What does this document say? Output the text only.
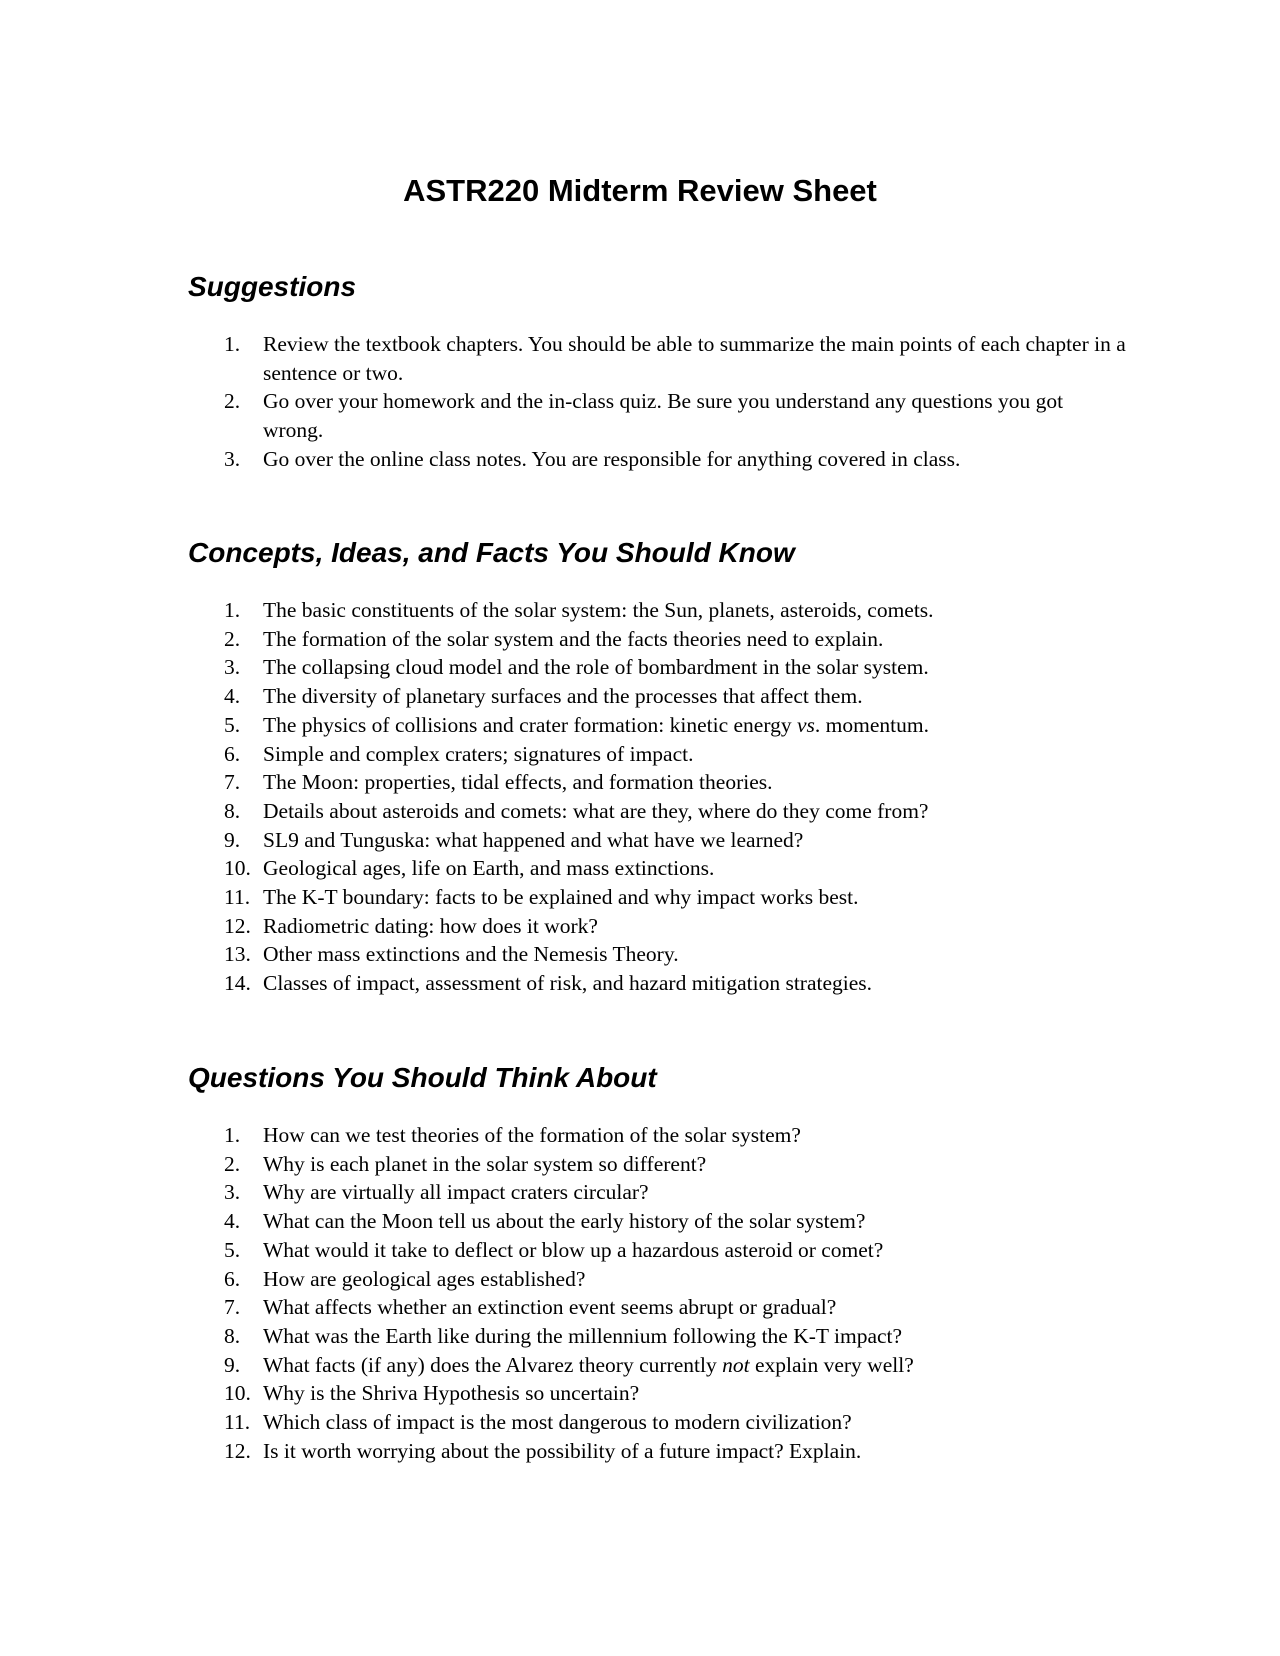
ASTR220 Midterm Review Sheet
Suggestions
1. Review the textbook chapters. You should be able to summarize the main points of each chapter in a sentence or two.
2. Go over your homework and the in-class quiz. Be sure you understand any questions you got wrong.
3. Go over the online class notes. You are responsible for anything covered in class.
Concepts, Ideas, and Facts You Should Know
1. The basic constituents of the solar system: the Sun, planets, asteroids, comets.
2. The formation of the solar system and the facts theories need to explain.
3. The collapsing cloud model and the role of bombardment in the solar system.
4. The diversity of planetary surfaces and the processes that affect them.
5. The physics of collisions and crater formation: kinetic energy vs. momentum.
6. Simple and complex craters; signatures of impact.
7. The Moon: properties, tidal effects, and formation theories.
8. Details about asteroids and comets: what are they, where do they come from?
9. SL9 and Tunguska: what happened and what have we learned?
10. Geological ages, life on Earth, and mass extinctions.
11. The K-T boundary: facts to be explained and why impact works best.
12. Radiometric dating: how does it work?
13. Other mass extinctions and the Nemesis Theory.
14. Classes of impact, assessment of risk, and hazard mitigation strategies.
Questions You Should Think About
1. How can we test theories of the formation of the solar system?
2. Why is each planet in the solar system so different?
3. Why are virtually all impact craters circular?
4. What can the Moon tell us about the early history of the solar system?
5. What would it take to deflect or blow up a hazardous asteroid or comet?
6. How are geological ages established?
7. What affects whether an extinction event seems abrupt or gradual?
8. What was the Earth like during the millennium following the K-T impact?
9. What facts (if any) does the Alvarez theory currently not explain very well?
10. Why is the Shriva Hypothesis so uncertain?
11. Which class of impact is the most dangerous to modern civilization?
12. Is it worth worrying about the possibility of a future impact? Explain.
